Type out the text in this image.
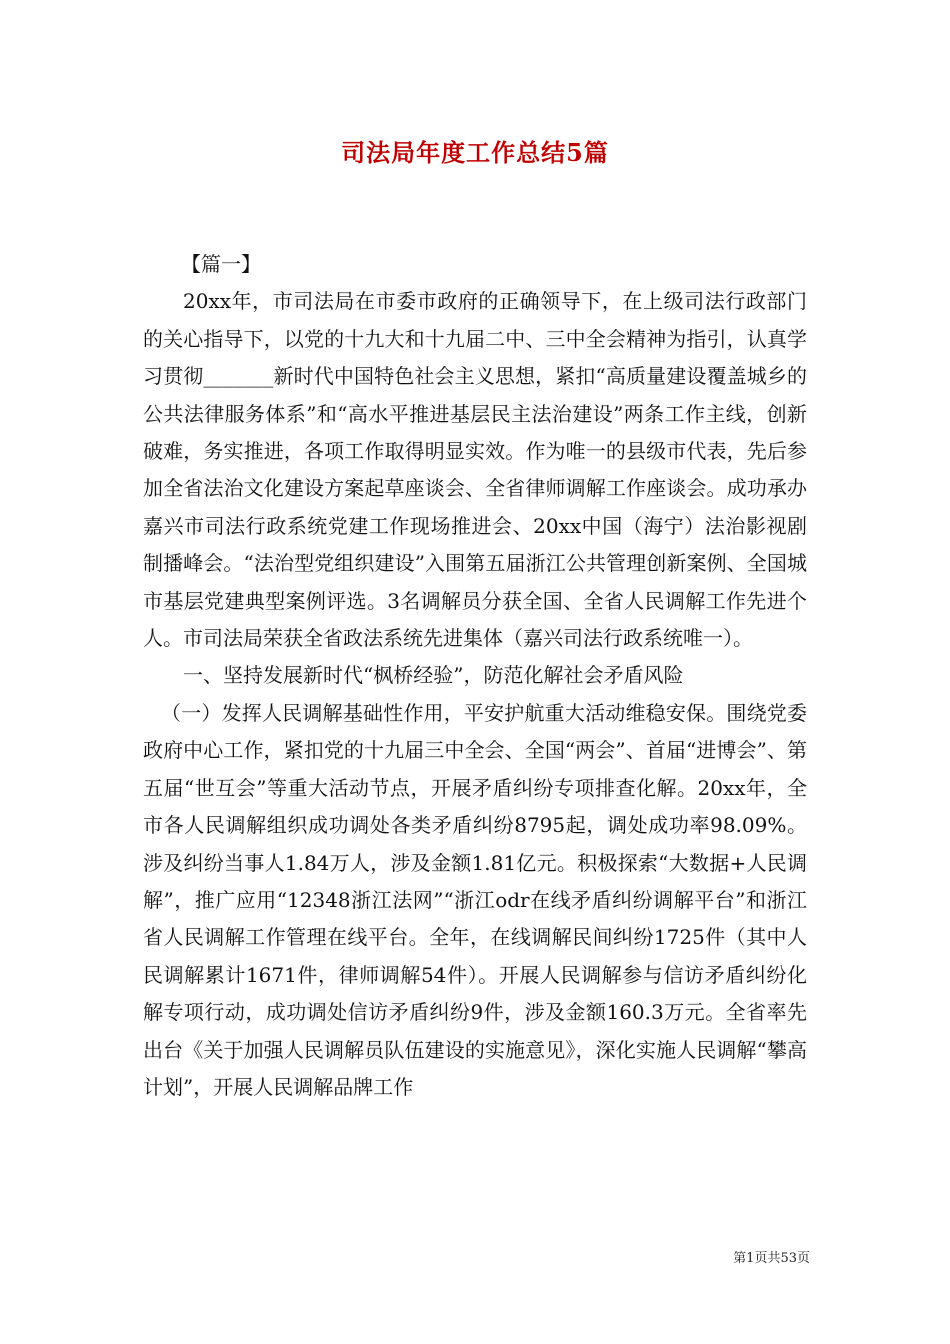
司法局年度工作总结5篇

【篇一】

20xx年，市司法局在市委市政府的正确领导下，在上级司法行政部门的关心指导下，以党的十九大和十九届二中、三中全会精神为指引，认真学习贯彻_______新时代中国特色社会主义思想，紧扣“高质量建设覆盖城乡的公共法律服务体系”和“高水平推进基层民主法治建设”两条工作主线，创新破难，务实推进，各项工作取得明显实效。作为唯一的县级市代表，先后参加全省法治文化建设方案起草座谈会、全省律师调解工作座谈会。成功承办嘉兴市司法行政系统党建工作现场推进会、20xx中国（海宁）法治影视剧制播峰会。“法治型党组织建设”入围第五届浙江公共管理创新案例、全国城市基层党建典型案例评选。3名调解员分获全国、全省人民调解工作先进个人。市司法局荣获全省政法系统先进集体（嘉兴司法行政系统唯一）。

一、坚持发展新时代“枫桥经验”，防范化解社会矛盾风险

（一）发挥人民调解基础性作用，平安护航重大活动维稳安保。围绕党委政府中心工作，紧扣党的十九届三中全会、全国“两会”、首届“进博会”、第五届“世互会”等重大活动节点，开展矛盾纠纷专项排查化解。20xx年，全市各人民调解组织成功调处各类矛盾纠纷8795起，调处成功率98.09%。涉及纠纷当事人1.84万人，涉及金额1.81亿元。积极探索“大数据+人民调解”，推广应用“12348浙江法网”“浙江odr在线矛盾纠纷调解平台”和浙江省人民调解工作管理在线平台。全年，在线调解民间纠纷1725件（其中人民调解累计1671件，律师调解54件）。开展人民调解参与信访矛盾纠纷化解专项行动，成功调处信访矛盾纠纷9件，涉及金额160.3万元。全省率先出台《关于加强人民调解员队伍建设的实施意见》，深化实施人民调解“攀高计划”，开展人民调解品牌工作

第1页共53页
